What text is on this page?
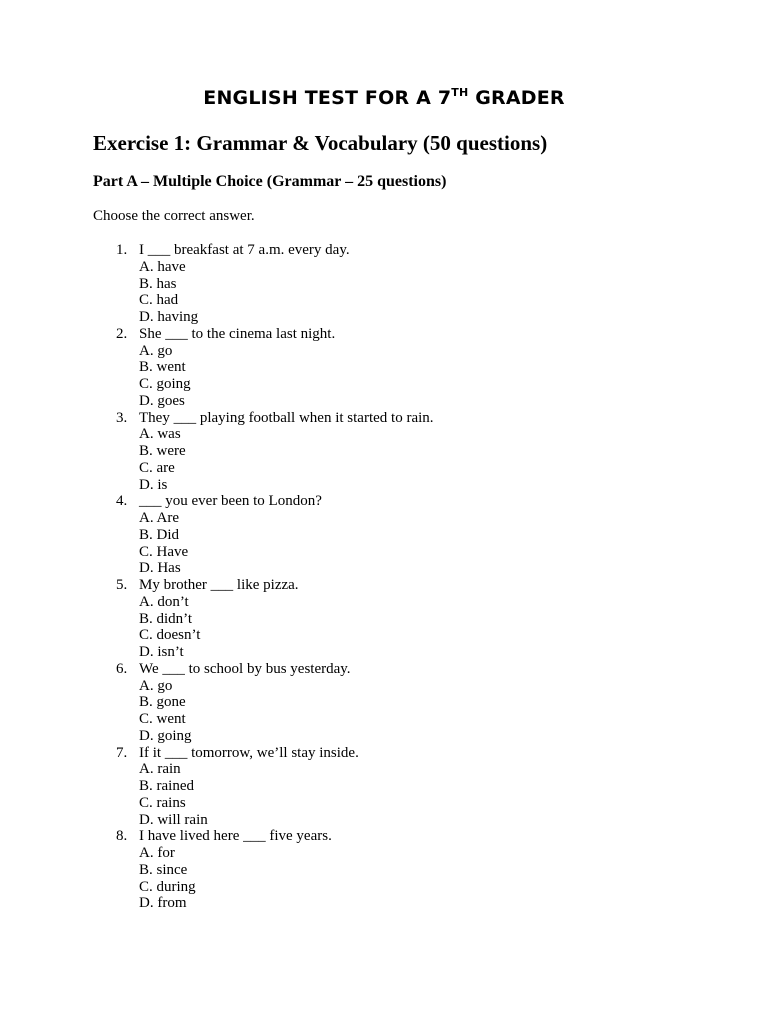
ENGLISH TEST FOR A 7TH GRADER
Exercise 1: Grammar & Vocabulary (50 questions)
Part A – Multiple Choice (Grammar – 25 questions)
Choose the correct answer.
1. I ___ breakfast at 7 a.m. every day.
A. have
B. has
C. had
D. having
2. She ___ to the cinema last night.
A. go
B. went
C. going
D. goes
3. They ___ playing football when it started to rain.
A. was
B. were
C. are
D. is
4. ___ you ever been to London?
A. Are
B. Did
C. Have
D. Has
5. My brother ___ like pizza.
A. don’t
B. didn’t
C. doesn’t
D. isn’t
6. We ___ to school by bus yesterday.
A. go
B. gone
C. went
D. going
7. If it ___ tomorrow, we’ll stay inside.
A. rain
B. rained
C. rains
D. will rain
8. I have lived here ___ five years.
A. for
B. since
C. during
D. from
